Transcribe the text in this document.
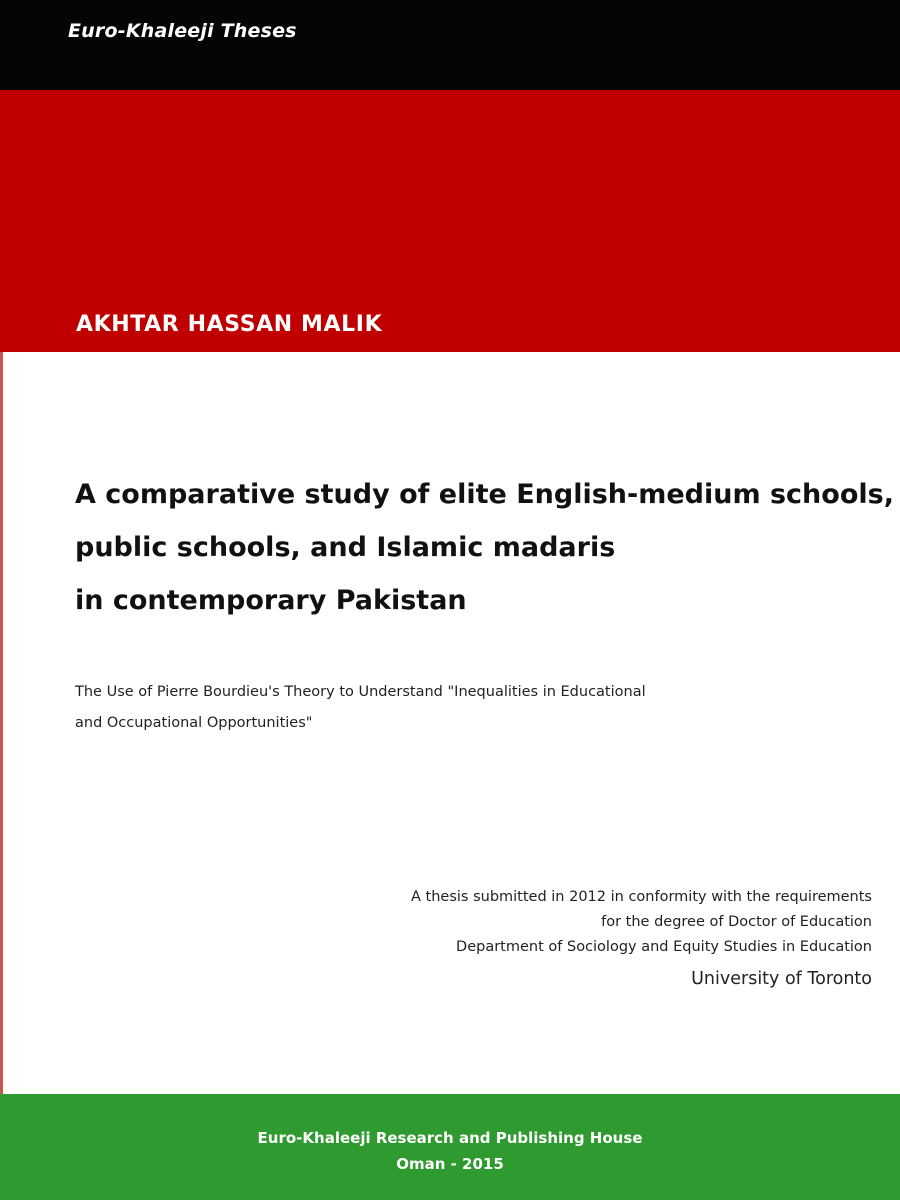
Euro-Khaleeji Theses
AKHTAR HASSAN MALIK
A comparative study of elite English-medium schools,
public schools, and Islamic madaris
in contemporary Pakistan
The Use of Pierre Bourdieu's Theory to Understand "Inequalities in Educational
and Occupational Opportunities"
A thesis submitted in 2012 in conformity with the requirements
for the degree of Doctor of Education
Department of Sociology and Equity Studies in Education
University of Toronto
Euro-Khaleeji Research and Publishing House
Oman - 2015
